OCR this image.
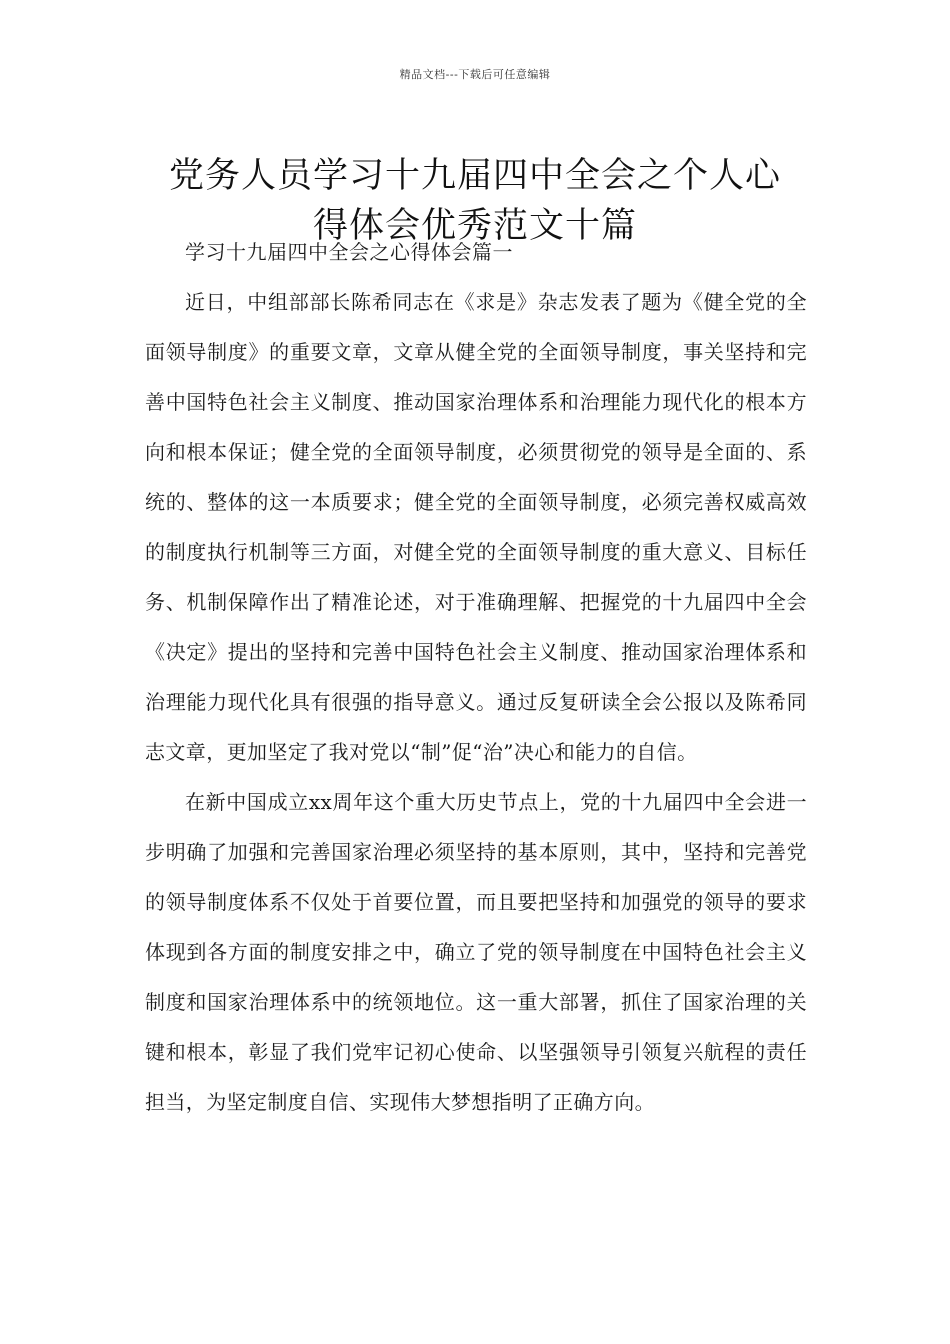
精品文档---下载后可任意编辑
党务人员学习十九届四中全会之个人心
得体会优秀范文十篇

学习十九届四中全会之心得体会篇一

近日，中组部部长陈希同志在《求是》杂志发表了题为《健全党的全面领导制度》的重要文章，文章从健全党的全面领导制度，事关坚持和完善中国特色社会主义制度、推动国家治理体系和治理能力现代化的根本方向和根本保证；健全党的全面领导制度，必须贯彻党的领导是全面的、系统的、整体的这一本质要求；健全党的全面领导制度，必须完善权威高效的制度执行机制等三方面，对健全党的全面领导制度的重大意义、目标任务、机制保障作出了精准论述，对于准确理解、把握党的十九届四中全会《决定》提出的坚持和完善中国特色社会主义制度、推动国家治理体系和治理能力现代化具有很强的指导意义。通过反复研读全会公报以及陈希同志文章，更加坚定了我对党以“制”促“治”决心和能力的自信。

在新中国成立xx周年这个重大历史节点上，党的十九届四中全会进一步明确了加强和完善国家治理必须坚持的基本原则，其中，坚持和完善党的领导制度体系不仅处于首要位置，而且要把坚持和加强党的领导的要求体现到各方面的制度安排之中，确立了党的领导制度在中国特色社会主义制度和国家治理体系中的统领地位。这一重大部署，抓住了国家治理的关键和根本，彰显了我们党牢记初心使命、以坚强领导引领复兴航程的责任担当，为坚定制度自信、实现伟大梦想指明了正确方向。
